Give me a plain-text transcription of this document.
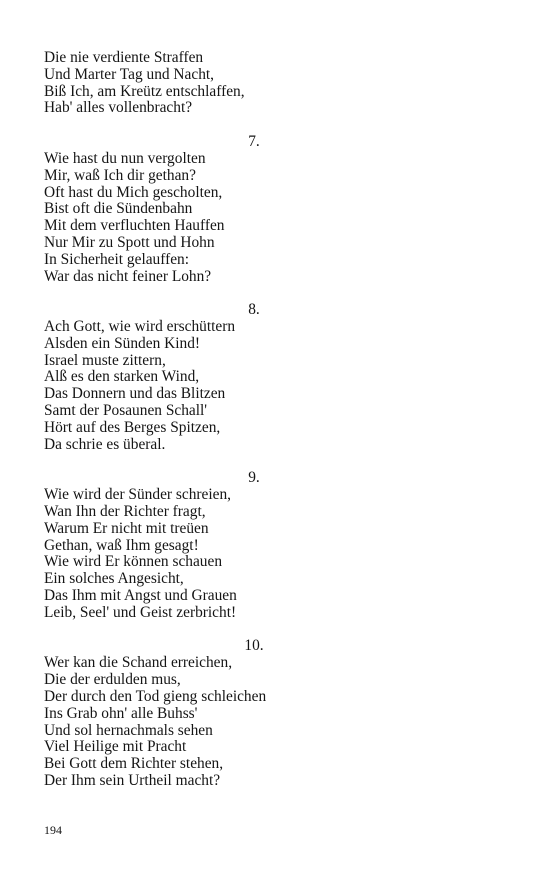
Die nie verdiente Straffen
Und Marter Tag und Nacht,
Biß Ich, am Kreütz entschlaffen,
Hab' alles vollenbracht?
7.
Wie hast du nun vergolten
Mir, waß Ich dir gethan?
Oft hast du Mich gescholten,
Bist oft die Sündenbahn
Mit dem verfluchten Hauffen
Nur Mir zu Spott und Hohn
In Sicherheit gelauffen:
War das nicht feiner Lohn?
8.
Ach Gott, wie wird erschüttern
Alsden ein Sünden Kind!
Israel muste zittern,
Alß es den starken Wind,
Das Donnern und das Blitzen
Samt der Posaunen Schall'
Hört auf des Berges Spitzen,
Da schrie es überal.
9.
Wie wird der Sünder schreien,
Wan Ihn der Richter fragt,
Warum Er nicht mit treüen
Gethan, waß Ihm gesagt!
Wie wird Er können schauen
Ein solches Angesicht,
Das Ihm mit Angst und Grauen
Leib, Seel' und Geist zerbricht!
10.
Wer kan die Schand erreichen,
Die der erdulden mus,
Der durch den Tod gieng schleichen
Ins Grab ohn' alle Buhss'
Und sol hernachmals sehen
Viel Heilige mit Pracht
Bei Gott dem Richter stehen,
Der Ihm sein Urtheil macht?
194
